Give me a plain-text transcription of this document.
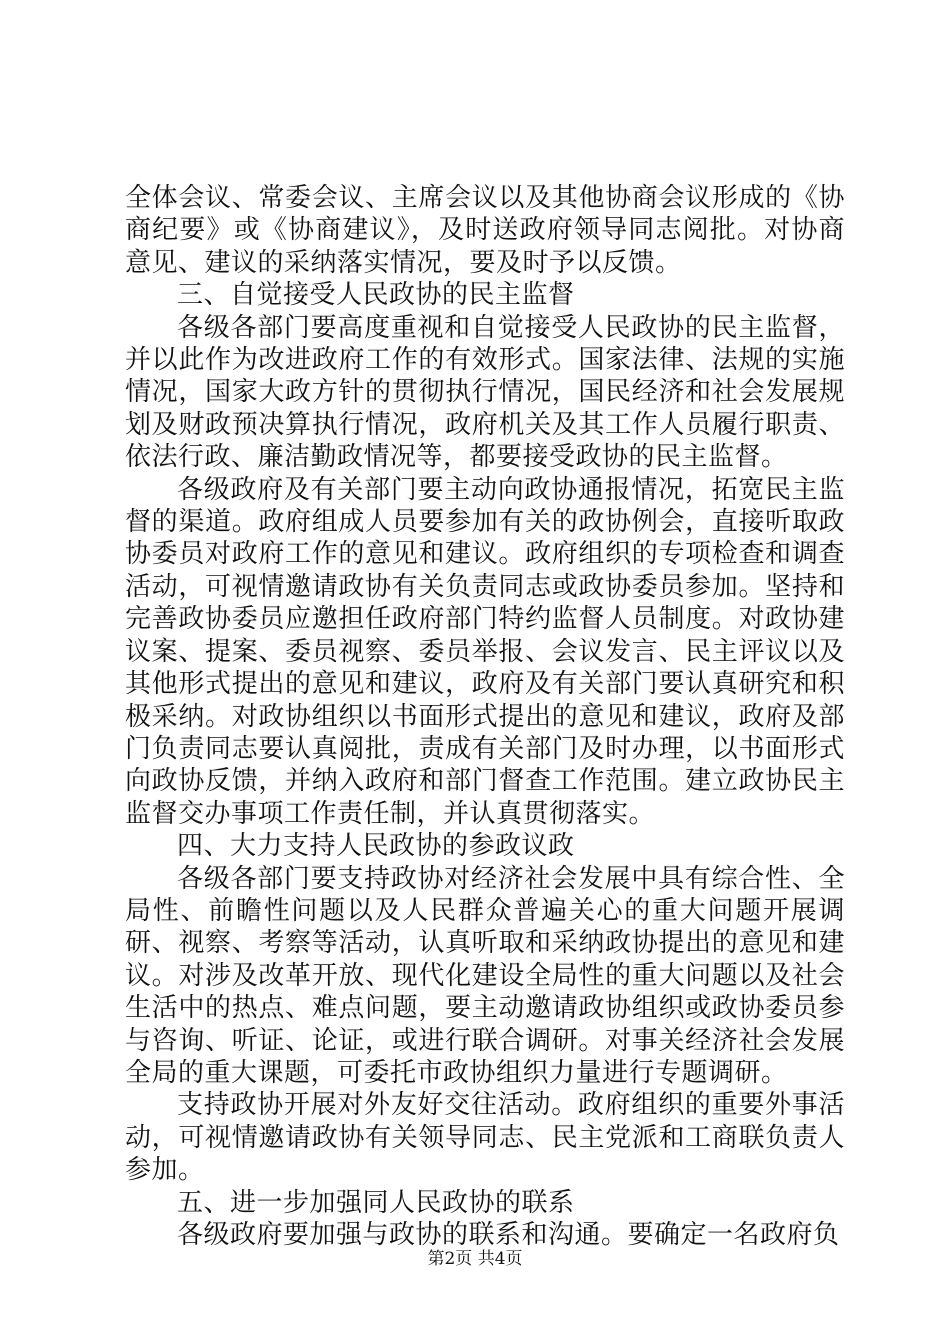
全体会议、常委会议、主席会议以及其他协商会议形成的《协商纪要》或《协商建议》，及时送政府领导同志阅批。对协商意见、建议的采纳落实情况，要及时予以反馈。

三、自觉接受人民政协的民主监督

各级各部门要高度重视和自觉接受人民政协的民主监督，并以此作为改进政府工作的有效形式。国家法律、法规的实施情况，国家大政方针的贯彻执行情况，国民经济和社会发展规划及财政预决算执行情况，政府机关及其工作人员履行职责、依法行政、廉洁勤政情况等，都要接受政协的民主监督。

各级政府及有关部门要主动向政协通报情况，拓宽民主监督的渠道。政府组成人员要参加有关的政协例会，直接听取政协委员对政府工作的意见和建议。政府组织的专项检查和调查活动，可视情邀请政协有关负责同志或政协委员参加。坚持和完善政协委员应邀担任政府部门特约监督人员制度。对政协建议案、提案、委员视察、委员举报、会议发言、民主评议以及其他形式提出的意见和建议，政府及有关部门要认真研究和积极采纳。对政协组织以书面形式提出的意见和建议，政府及部门负责同志要认真阅批，责成有关部门及时办理，以书面形式向政协反馈，并纳入政府和部门督查工作范围。建立政协民主监督交办事项工作责任制，并认真贯彻落实。

四、大力支持人民政协的参政议政

各级各部门要支持政协对经济社会发展中具有综合性、全局性、前瞻性问题以及人民群众普遍关心的重大问题开展调研、视察、考察等活动，认真听取和采纳政协提出的意见和建议。对涉及改革开放、现代化建设全局性的重大问题以及社会生活中的热点、难点问题，要主动邀请政协组织或政协委员参与咨询、听证、论证，或进行联合调研。对事关经济社会发展全局的重大课题，可委托市政协组织力量进行专题调研。

支持政协开展对外友好交往活动。政府组织的重要外事活动，可视情邀请政协有关领导同志、民主党派和工商联负责人参加。

五、进一步加强同人民政协的联系

各级政府要加强与政协的联系和沟通。要确定一名政府负

第2页 共4页
